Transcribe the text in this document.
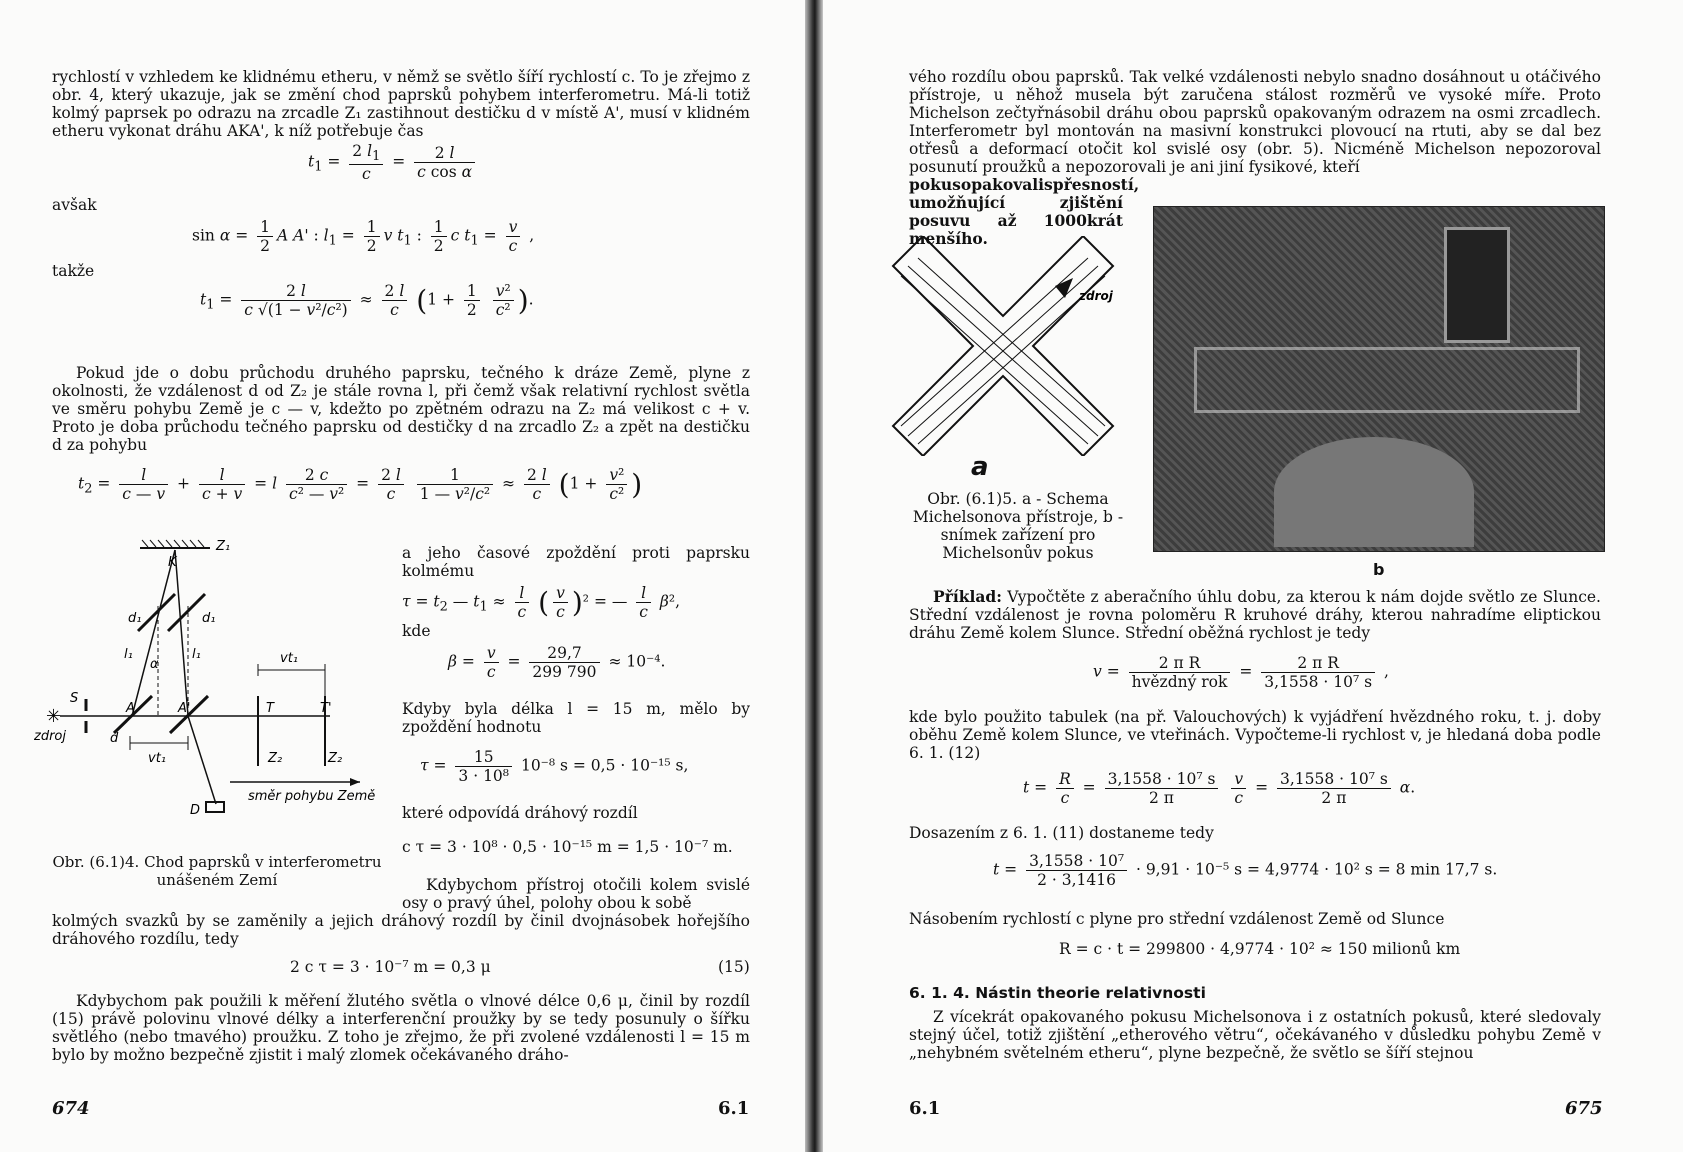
rychlostí v vzhledem ke klidnému etheru, v němž se světlo šíří rychlostí c. To je zřejmo z obr. 4, který ukazuje, jak se změní chod paprsků pohybem interferometru. Má-li totiž kolmý paprsek po odrazu na zrcadle Z₁ zastihnout destičku d v místě A', musí v klidném etheru vykonat dráhu AKA', k níž potřebuje čas

$t_1 = \frac{2 l_1}{c} = \frac{2 l}{\text{c cos α}}$
avšak
$\sin \alpha = \frac{1}{2}$ A A' : $l_1 = \frac{1}{2}$ v $t_1$ : $\frac{1}{2}$ c $t_1 = \frac{v}{c}$ ,
takže
$t_1 = \frac{2 l}{\text{c √(1 − v²/c²)}} \approx \frac{2 l}{c} (1 + \frac{1}{2}$
$\frac{\text{v²}}{\text{c²}}$ ).

Pokud jde o dobu průchodu druhého paprsku, tečného k dráze Země, plyne z okolnosti, že vzdálenost d od Z₂ je stále rovna l, při čemž však relativní rychlost světla ve směru pohybu Země je c — v, kdežto po zpětném odrazu na Z₂ má velikost c + v. Proto je doba průchodu tečného paprsku od destičky d na zrcadlo Z₂ a zpět na destičku d za pohybu

$t_2 = \frac{l}{c — v} + \frac{l}{c + v} = l \frac{2 c}{\text{c² — v²}} = \frac{2 l}{c}$
$\frac{1}{\text{1 — v²/c²}} \approx \frac{2 l}{c} (1 + \frac{\text{v²}}{\text{c²}}$ )
✳
Z₁
K
d₁	d₁
l₁	l₁
α	vt₁
vt₁
S
zdroj
A	A'
d
T	T'
Z₂	Z₂
směr pohybu Země
D

a jeho časové zpoždění proti paprsku kolmému

$\tau = t_2$ — $t_1 \approx \frac{l}{c}$ ( $\frac{v}{c} )^2$ = — $\frac{l}{c} \beta^2$,
kde
$\beta = \frac{v}{c} = \frac{29,7}{299 790} \approx 10^{-4}$.

Kdyby byla délka l = 15 m, mělo by zpoždění hodnotu

$\tau = \frac{15}{\text{3 · 10⁸}} 10^{-8}$ s = 0,5 · 10⁻¹⁵ s,

které odpovídá dráhový rozdíl

c τ = 3 · 10⁸ · 0,5 · 10⁻¹⁵ m = 1,5 · 10⁻⁷ m.

Obr. (6.1)4. Chod paprsků v interferometru unášeném Zemí	Kdybychom přístroj otočili kolem svislé osy o pravý úhel, polohy obou k sobě

kolmých svazků by se zaměnily a jejich dráhový rozdíl by činil dvojnásobek hořejšího dráhového rozdílu, tedy

2 c τ = 3 · 10⁻⁷ m = 0,3 μ	(15)

Kdybychom pak použili k měření žlutého světla o vlnové délce 0,6 μ, činil by rozdíl (15) právě polovinu vlnové délky a interferenční proužky by se tedy posunuly o šířku světlého (nebo tmavého) proužku. Z toho je zřejmo, že při zvolené vzdálenosti l = 15 m bylo by možno bezpečně zjistit i malý zlomek očekávaného dráho-

674	6.1

vého rozdílu obou paprsků. Tak velké vzdálenosti nebylo snadno dosáhnout u otáčivého přístroje, u něhož musela být zaručena stálost rozměrů ve vysoké míře. Proto Michelson zečtyřnásobil dráhu obou paprsků opakovaným odrazem na osmi zrcadlech. Interferometr byl montován na masivní konstrukci plovoucí na rtuti, aby se dal bez otřesů a deformací otočit kol svislé osy (obr. 5). Nicméně Michelson nepozoroval posunutí proužků a nepozorovali je ani jiní fysikové, kteří

pokusopakovalispřesností, umožňující zjištění posuvu až 1000krát menšího.

zdroj
a
b

Obr. (6.1)5. a - Schema Michelsonova přístroje, b - snímek zařízení pro Michelsonův pokus

Příklad: Vypočtěte z aberačního úhlu dobu, za kterou k nám dojde světlo ze Slunce. Střední vzdálenost je rovna poloměru R kruhové dráhy, kterou nahradíme eliptickou dráhu Země kolem Slunce. Střední oběžná rychlost je tedy

$v = \frac{\text{2 π R}}{\text{hvězdný rok}} = \frac{\text{2 π R}}{\text{3,1558 · 10⁷ s}}$ ,

kde bylo použito tabulek (na př. Valouchových) k vyjádření hvězdného roku, t. j. doby oběhu Země kolem Slunce, ve vteřinách. Vypočteme-li rychlost v, je hledaná doba podle 6. 1. (12)

$t = \frac{R}{c} = \frac{\text{3,1558 · 10⁷ s}}{2 \pi}$
$\frac{v}{c} = \frac{\text{3,1558 · 10⁷ s}}{2 \pi} \alpha$.

Dosazením z 6. 1. (11) dostaneme tedy

$t = \frac{\text{3,1558 · 10⁷}}{2 \cdot 3,1416} \cdot 9,91 \cdot 10^{-5}$ s = 4,9774 · 10² s = 8 min 17,7 s.

Násobením rychlostí c plyne pro střední vzdálenost Země od Slunce

R = c · t = 299800 · 4,9774 · 10² ≈ 150 milionů km
6. 1. 4. Nástin theorie relativnosti

Z vícekrát opakovaného pokusu Michelsonova i z ostatních pokusů, které sledovaly stejný účel, totiž zjištění „etherového větru“, očekávaného v důsledku pohybu Země v „nehybném světelném etheru“, plyne bezpečně, že světlo se šíří stejnou

6.1	675
